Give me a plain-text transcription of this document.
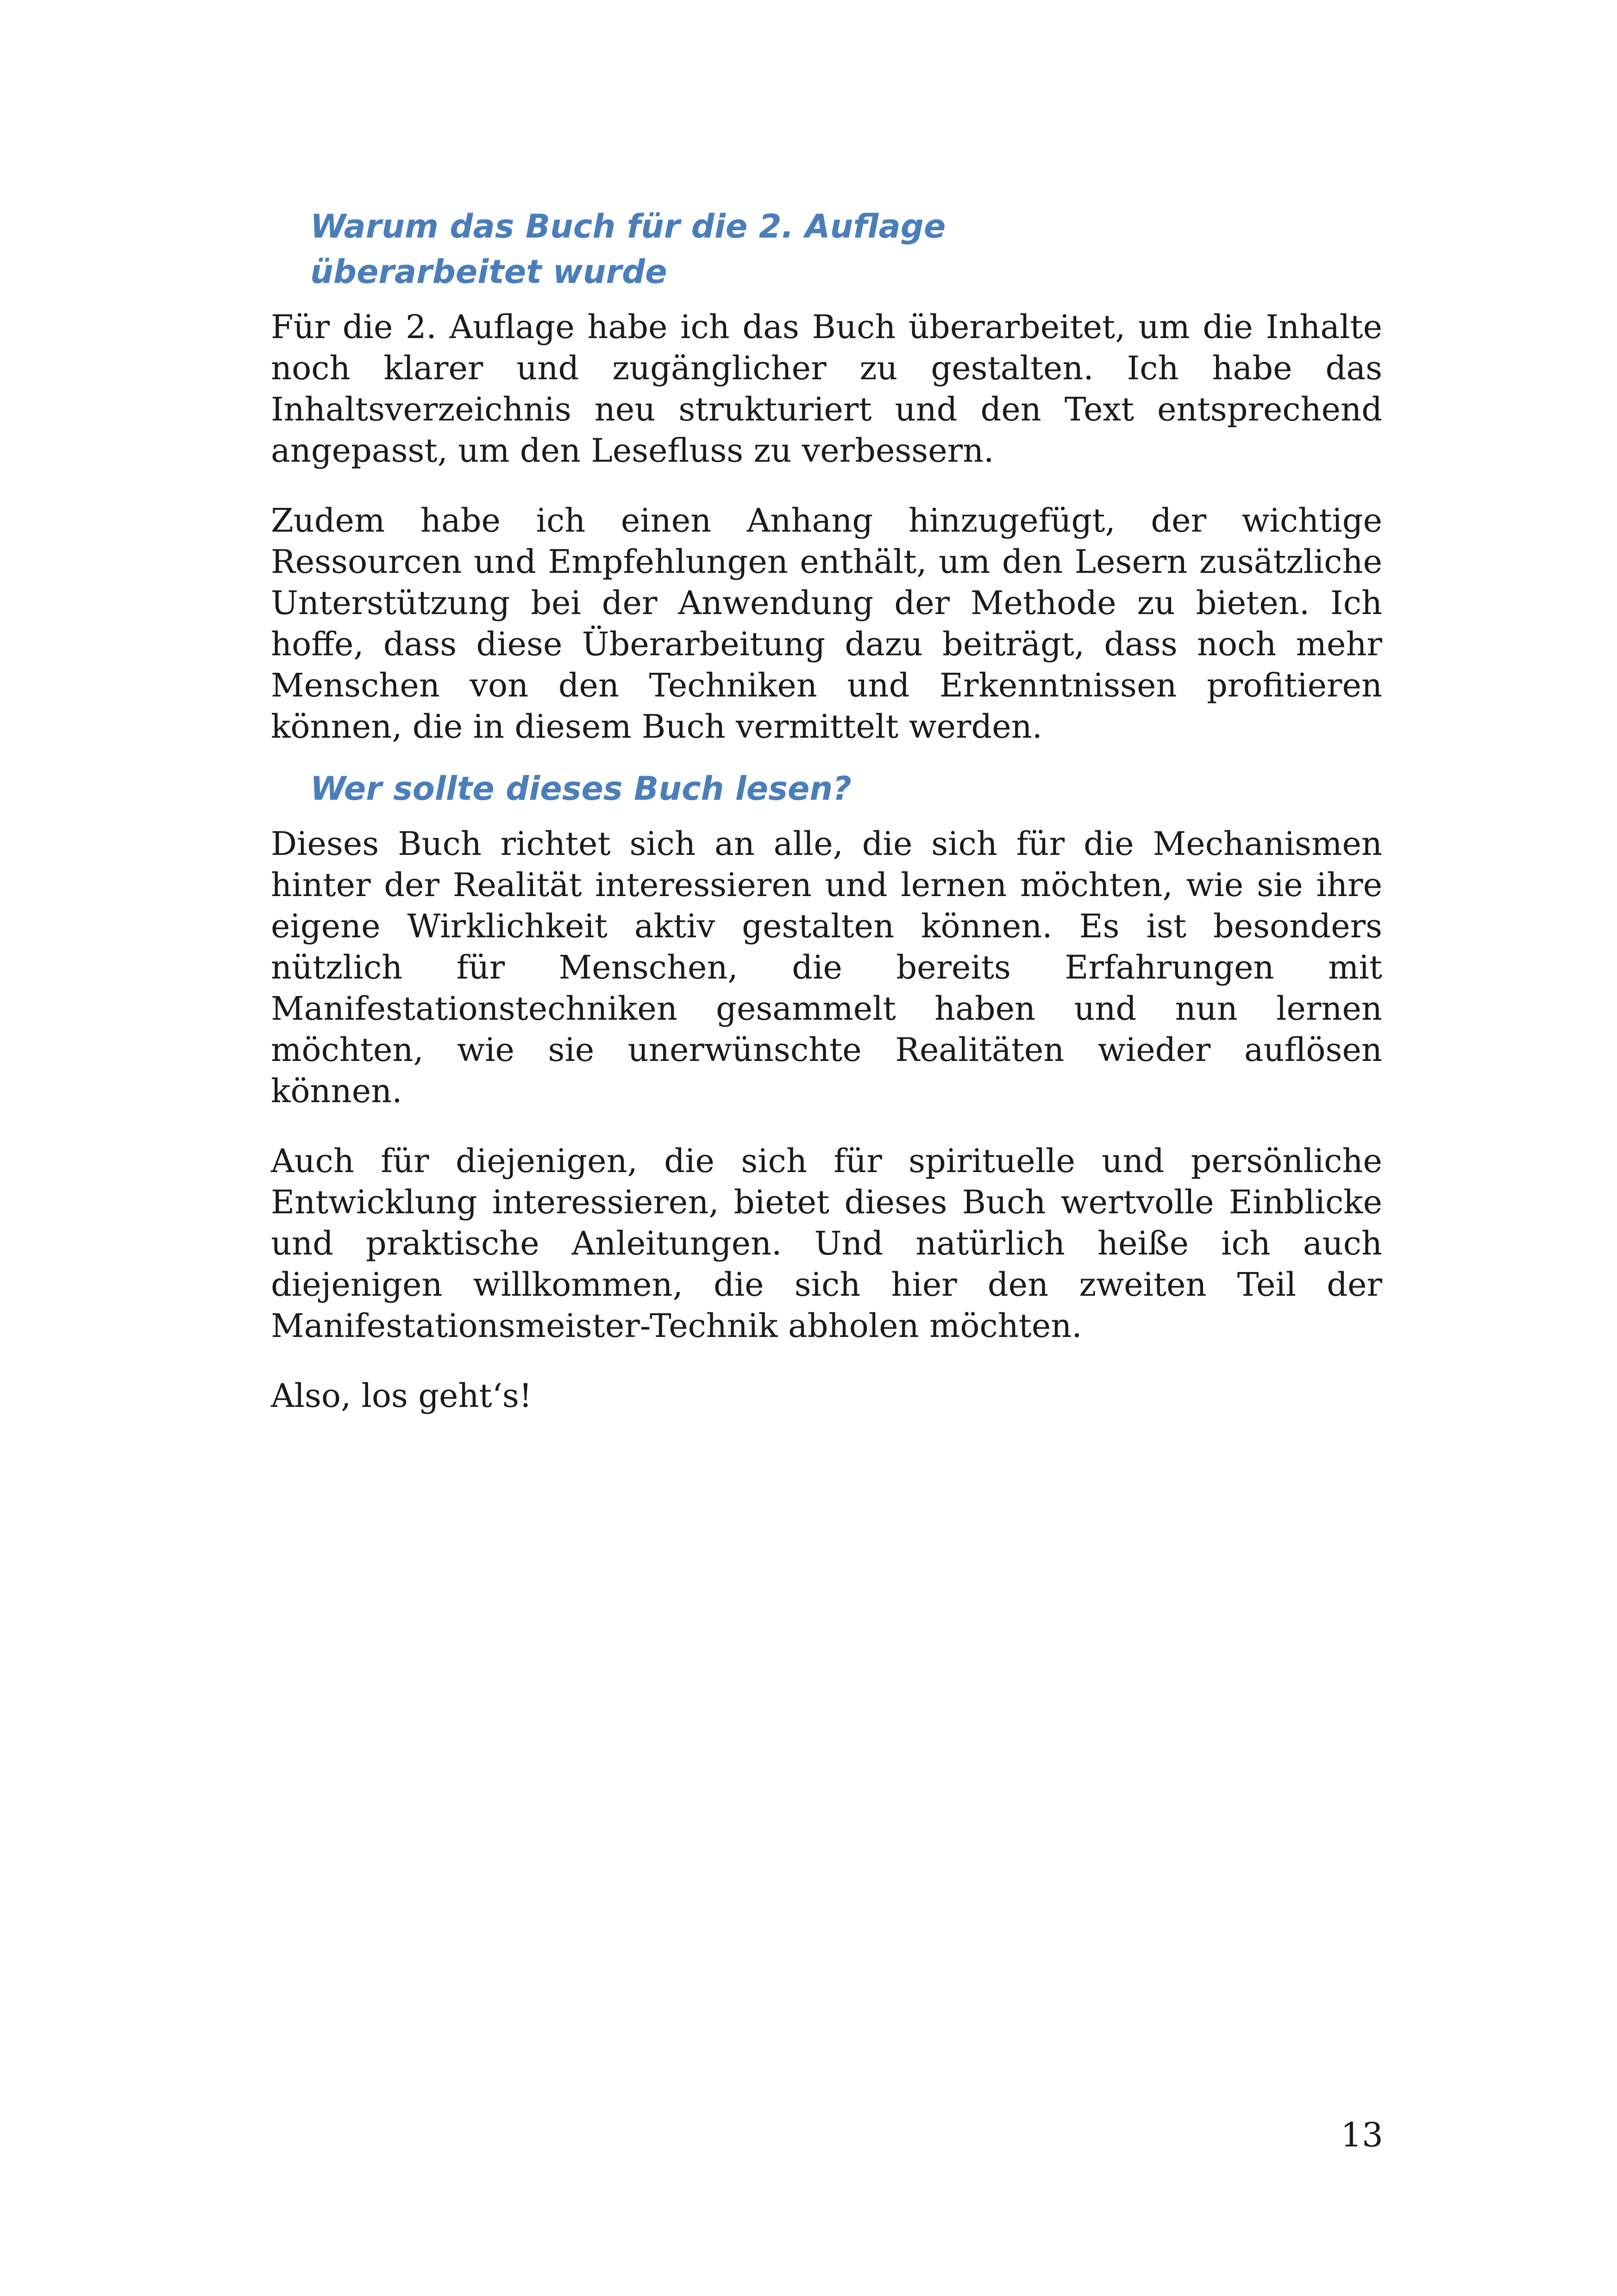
Warum das Buch für die 2. Auflage
überarbeitet wurde

Für die 2. Auflage habe ich das Buch überarbeitet, um die Inhalte noch klarer und zugänglicher zu gestalten. Ich habe das Inhaltsverzeichnis neu strukturiert und den Text entsprechend angepasst, um den Lesefluss zu verbessern.

Zudem habe ich einen Anhang hinzugefügt, der wichtige Ressourcen und Empfehlungen enthält, um den Lesern zusätzliche Unterstützung bei der Anwendung der Methode zu bieten. Ich hoffe, dass diese Überarbeitung dazu beiträgt, dass noch mehr Menschen von den Techniken und Erkenntnissen profitieren können, die in diesem Buch vermittelt werden.

Wer sollte dieses Buch lesen?

Dieses Buch richtet sich an alle, die sich für die Mechanismen hinter der Realität interessieren und lernen möchten, wie sie ihre eigene Wirklichkeit aktiv gestalten können. Es ist besonders nützlich für Menschen, die bereits Erfahrungen mit Manifestationstechniken gesammelt haben und nun lernen möchten, wie sie unerwünschte Realitäten wieder auflösen können.

Auch für diejenigen, die sich für spirituelle und persönliche Entwicklung interessieren, bietet dieses Buch wertvolle Einblicke und praktische Anleitungen. Und natürlich heiße ich auch diejenigen willkommen, die sich hier den zweiten Teil der Manifestationsmeister-Technik abholen möchten.

Also, los geht‘s!

13
